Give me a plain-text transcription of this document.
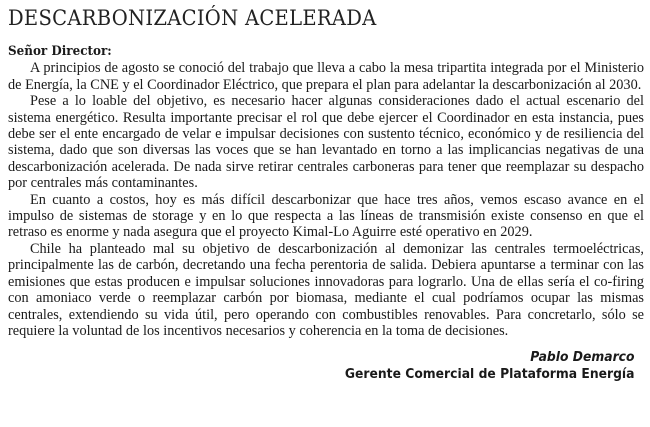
DESCARBONIZACIÓN ACELERADA
Señor Director:

A principios de agosto se conoció del trabajo que lleva a cabo la mesa tripartita integrada por el Ministerio de Energía, la CNE y el Coordinador Eléctrico, que prepara el plan para adelantar la descarbonización al 2030.

Pese a lo loable del objetivo, es necesario hacer algunas consideraciones dado el actual escenario del sistema energético. Resulta importante precisar el rol que debe ejercer el Coordinador en esta instancia, pues debe ser el ente encargado de velar e impulsar decisiones con sustento técnico, económico y de resiliencia del sistema, dado que son diversas las voces que se han levantado en torno a las implicancias negativas de una descarbonización acelerada. De nada sirve retirar centrales carboneras para tener que reemplazar su despacho por centrales más contaminantes.

En cuanto a costos, hoy es más difícil descarbonizar que hace tres años, vemos escaso avance en el impulso de sistemas de storage y en lo que respecta a las líneas de transmisión existe consenso en que el retraso es enorme y nada asegura que el proyecto Kimal-Lo Aguirre esté operativo en 2029.

Chile ha planteado mal su objetivo de descarbonización al demonizar las centrales termoeléctricas, principalmente las de carbón, decretando una fecha perentoria de salida. Debiera apuntarse a terminar con las emisiones que estas producen e impulsar soluciones innovadoras para lograrlo. Una de ellas sería el co-firing con amoniaco verde o reemplazar carbón por biomasa, mediante el cual podríamos ocupar las mismas centrales, extendiendo su vida útil, pero operando con combustibles renovables. Para concretarlo, sólo se requiere la voluntad de los incentivos necesarios y coherencia en la toma de decisiones.

Pablo Demarco
Gerente Comercial de Plataforma Energía
